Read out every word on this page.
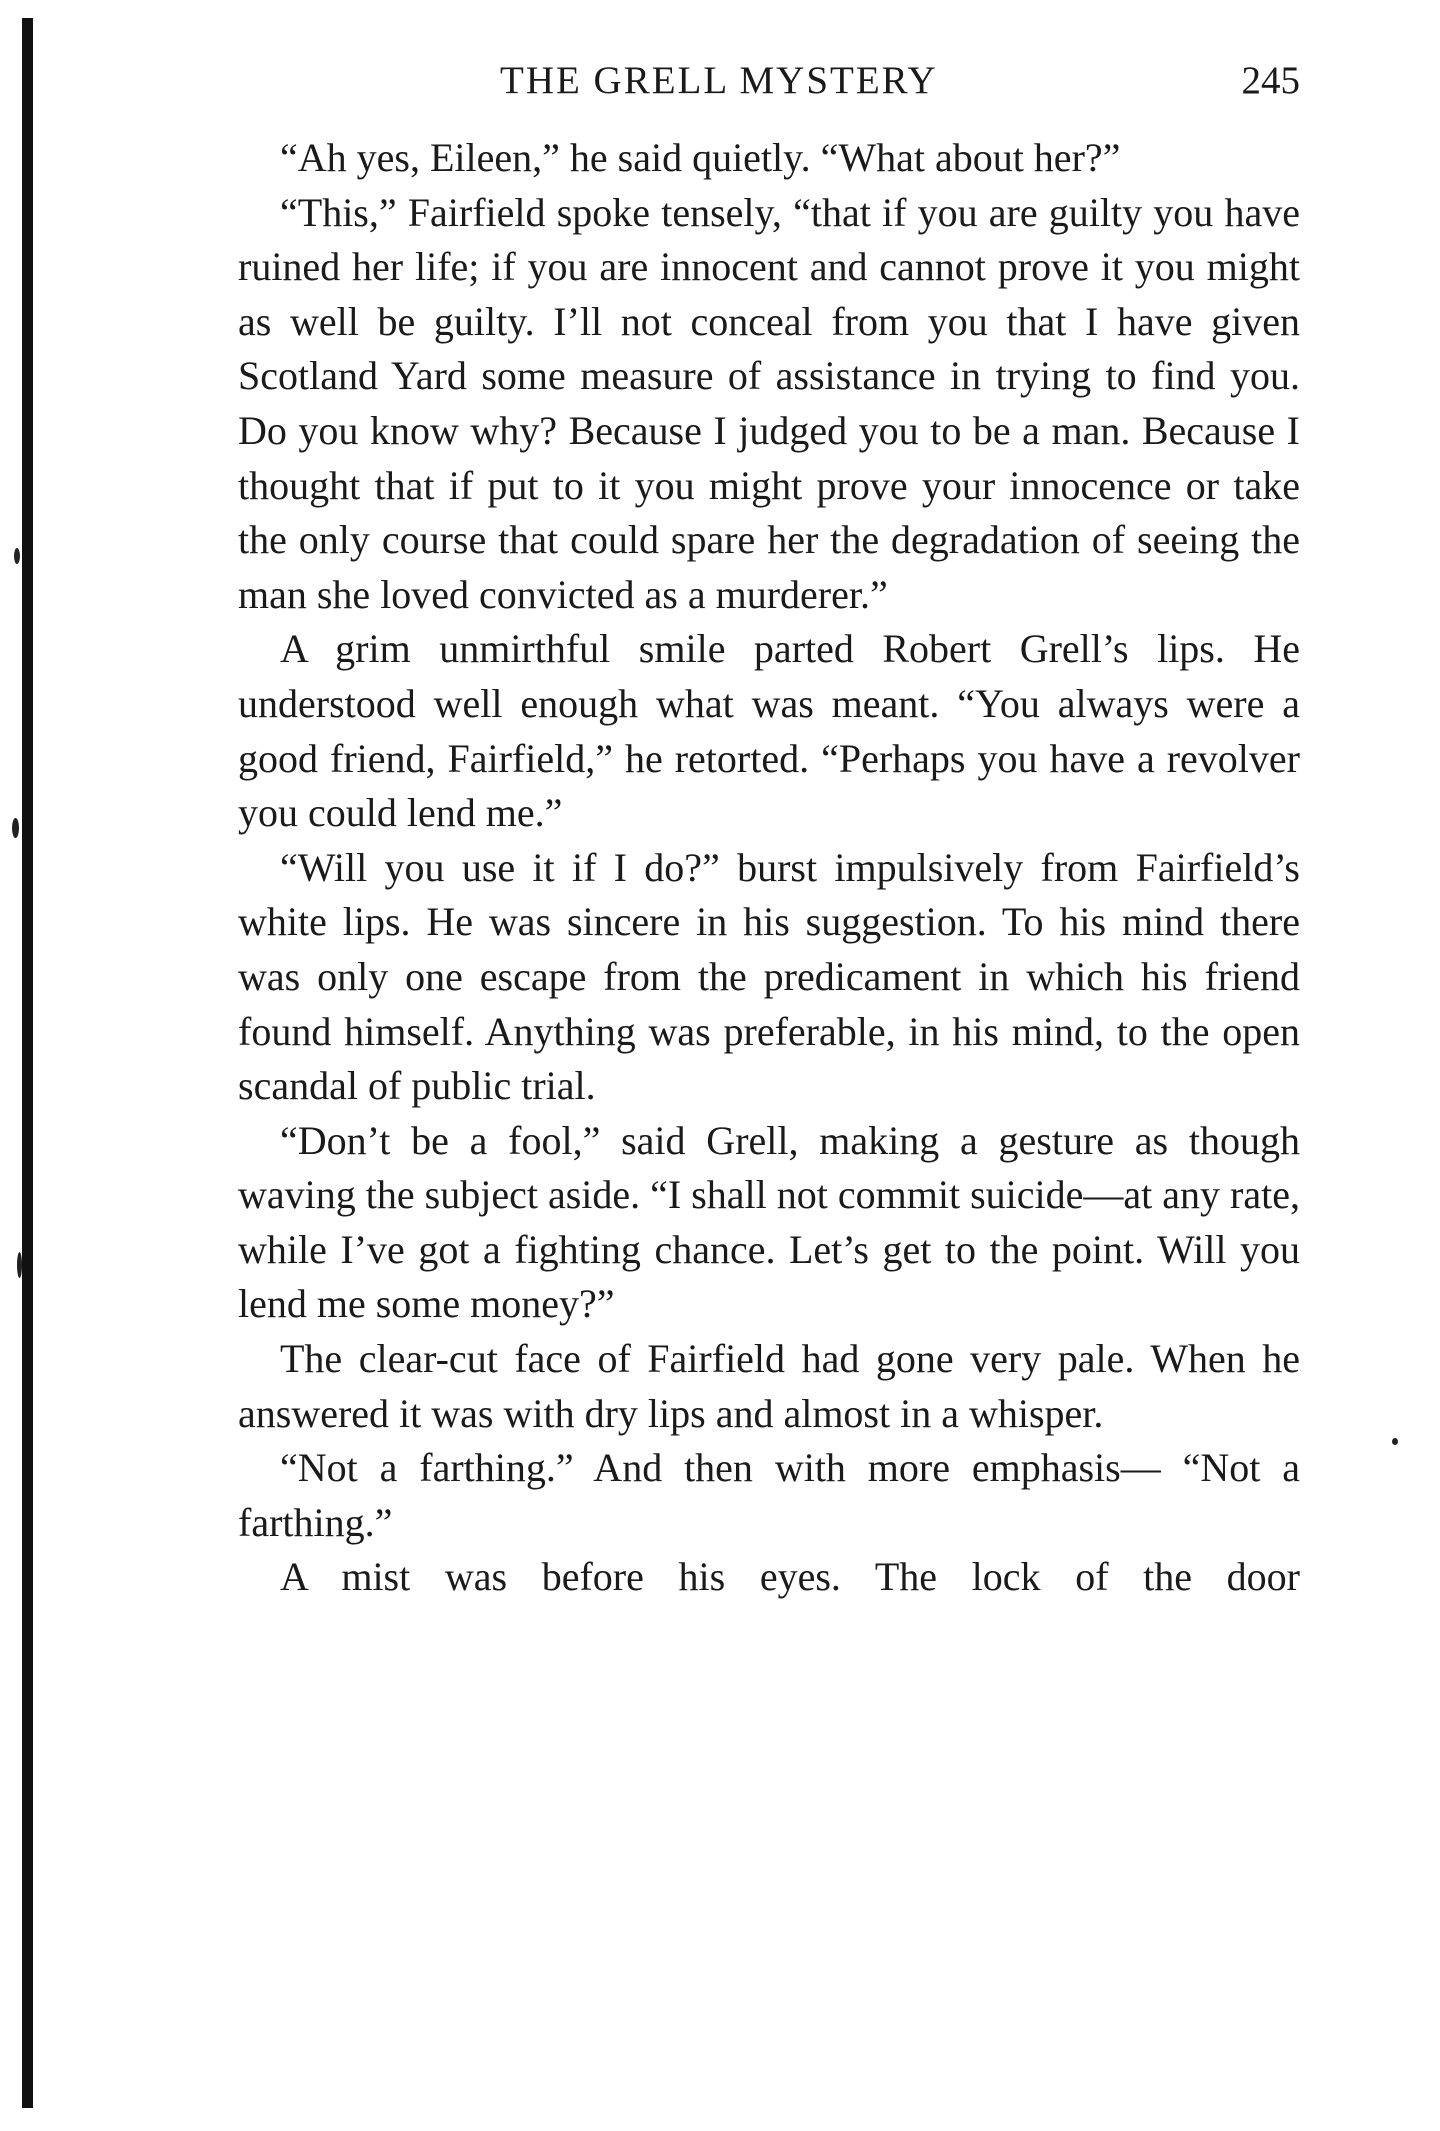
THE GRELL MYSTERY	245

“Ah yes, Eileen,” he said quietly. “What about her?”

“This,” Fairfield spoke tensely, “that if you are guilty you have ruined her life; if you are innocent and cannot prove it you might as well be guilty. I’ll not conceal from you that I have given Scotland Yard some measure of assistance in trying to find you. Do you know why? Because I judged you to be a man. Because I thought that if put to it you might prove your innocence or take the only course that could spare her the degradation of seeing the man she loved convicted as a murderer.”

A grim unmirthful smile parted Robert Grell’s lips. He understood well enough what was meant. “You always were a good friend, Fairfield,” he retorted. “Perhaps you have a revolver you could lend me.”

“Will you use it if I do?” burst impulsively from Fairfield’s white lips. He was sincere in his suggestion. To his mind there was only one escape from the predicament in which his friend found himself. Anything was preferable, in his mind, to the open scandal of public trial.

“Don’t be a fool,” said Grell, making a gesture as though waving the subject aside. “I shall not commit suicide—at any rate, while I’ve got a fighting chance. Let’s get to the point. Will you lend me some money?”

The clear-cut face of Fairfield had gone very pale. When he answered it was with dry lips and almost in a whisper.

“Not a farthing.” And then with more emphasis— “Not a farthing.”

A mist was before his eyes. The lock of the door
